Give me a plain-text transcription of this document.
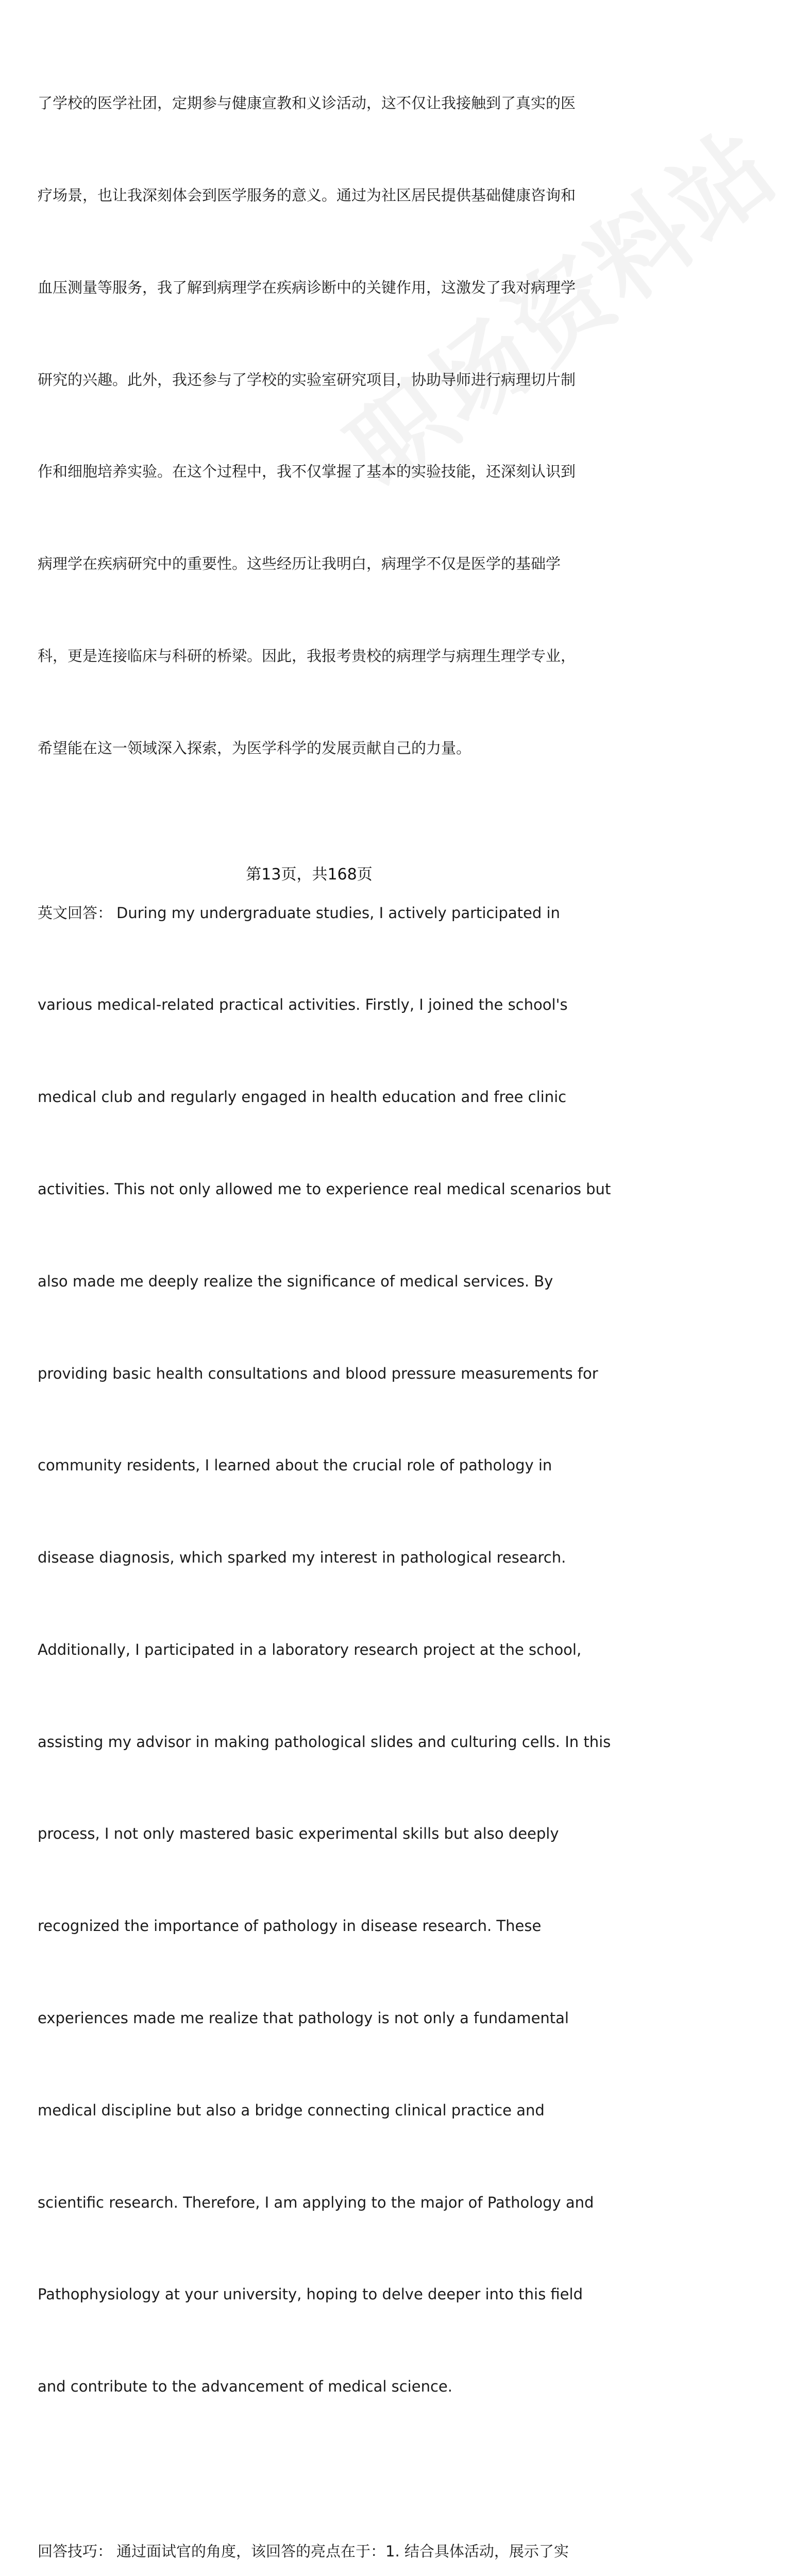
了学校的医学社团，定期参与健康宣教和义诊活动，这不仅让我接触到了真实的医

疗场景，也让我深刻体会到医学服务的意义。通过为社区居民提供基础健康咨询和

血压测量等服务，我了解到病理学在疾病诊断中的关键作用，这激发了我对病理学

研究的兴趣。此外，我还参与了学校的实验室研究项目，协助导师进行病理切片制

作和细胞培养实验。在这个过程中，我不仅掌握了基本的实验技能，还深刻认识到

病理学在疾病研究中的重要性。这些经历让我明白，病理学不仅是医学的基础学

科，更是连接临床与科研的桥梁。因此，我报考贵校的病理学与病理生理学专业，

希望能在这一领域深入探索，为医学科学的发展贡献自己的力量。

英文回答： During my undergraduate studies, I actively participated in

various medical-related practical activities. Firstly, I joined the school's

medical club and regularly engaged in health education and free clinic

activities. This not only allowed me to experience real medical scenarios but

also made me deeply realize the significance of medical services. By

providing basic health consultations and blood pressure measurements for

community residents, I learned about the crucial role of pathology in

disease diagnosis, which sparked my interest in pathological research.

Additionally, I participated in a laboratory research project at the school,

assisting my advisor in making pathological slides and culturing cells. In this

process, I not only mastered basic experimental skills but also deeply

recognized the importance of pathology in disease research. These

experiences made me realize that pathology is not only a fundamental

medical discipline but also a bridge connecting clinical practice and

scientific research. Therefore, I am applying to the major of Pathology and

Pathophysiology at your university, hoping to delve deeper into this field

and contribute to the advancement of medical science.

回答技巧： 通过面试官的角度，该回答的亮点在于：1. 结合具体活动，展示了实

第13页，共168页
